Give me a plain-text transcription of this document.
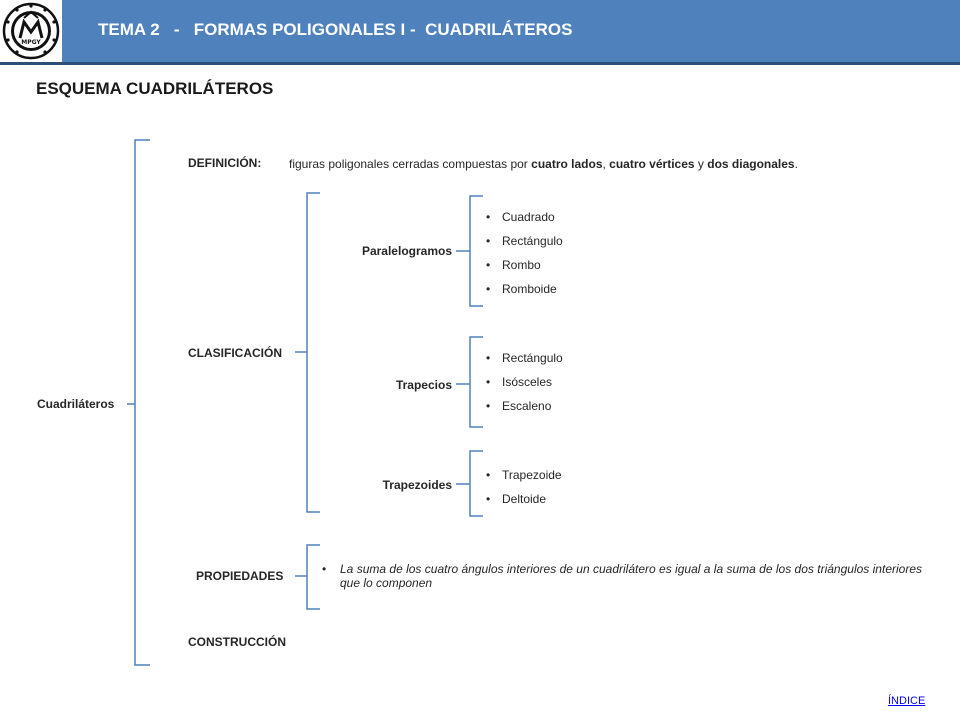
MPGY
TEMA 2   -   FORMAS POLIGONALES I -  CUADRILÁTEROS
ESQUEMA CUADRILÁTEROS
Cuadriláteros
DEFINICIÓN: figuras poligonales cerradas compuestas por cuatro lados, cuatro vértices y dos diagonales.
CLASIFICACIÓN
Paralelogramos
• Cuadrado
• Rectángulo
• Rombo
• Romboide
Trapecios
• Rectángulo
• Isósceles
• Escaleno
Trapezoides
• Trapezoide
• Deltoide
PROPIEDADES	• La suma de los cuatro ángulos interiores de un cuadrilátero es igual a la suma de los dos triángulos interiores que lo componen

CONSTRUCCIÓN
ÍNDICE
